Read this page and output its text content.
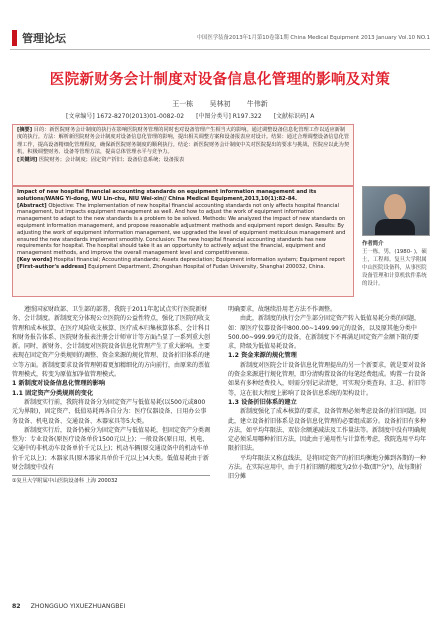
管理论坛	中国医学装备2013年1月第10卷第1期 China Medical Equipment 2013 January Vol.10 NO.1
医院新财务会计制度对设备信息化管理的影响及对策
王一栋 吴林初 牛伟新
[文章编号] 1672-8270(2013)01-0082-02 [中图分类号] R197.322 [文献标识码] A
[摘要] 目的：新医院财务会计制度的执行在影响医院财务管理的同时也对设备管理产生相当大的影响。通过调整设备信息化管理工作以适应新制度的执行。方法：解析新医院财务会计制度对设备信息化管理的影响，提出相关调整方案和设备报表应对设计。结果：通过合理调整设备信息化管理工作，提高设备精细化管理程度，确保新医院财务制度的顺利执行。结论：新医院财务会计制度中关对医院提出的要求与挑战，医院应以此为契机，积极调整财务、设备等管理方法，提高总体管理水平与竞争力。
[关键词] 医院财务；会计制度；固定资产折旧；设备信息系统；设备报表
Impact of new hospital financial accounting standards on equipment information management and its solutions/WANG Yi-dong, WU Lin-chu, NIU Wei-xin// China Medical Equipment,2013,10(1):82-84.
[Abstract] Objective: The implementation of new hospital financial accounting standards not only affects hospital financial management, but impacts equipment management as well. And how to adjust the work of equipment information management to adapt to the new standards is a problem to be solved. Methods: We analyzed the impact of new standards on equipment information management, and propose reasonable adjustment methods and equipment report design. Results: By adjusting the work of equipment information management, we upgraded the level of equipment meticulous management and ensured the new standards implement smoothly. Conclusion: The new hospital financial accounting standards has new requirements for hospital. The hospital should take it as an opportunity to actively adjust the financial, equipment and management methods, and improve the overall management level and competitiveness.
[Key words] Hospital financial; Accounting standards; Assets depreciation; Equipment information system; Equipment report
[First-author's address] Equipment Department, Zhongshan Hospital of Fudan University, Shanghai 200032, China.
作者简介
王一栋，男，(1980- )，硕士，工程师。复旦大学附属中山医院设备科，从事医院设备管理和计算机软件系统的设计。

遵照国家财政部、卫生部的部署，我院于2011年起试点实行医院新财务、会计制度。新制度充分体现公立医院的公益性特点，强化了医院的收支管理和成本核算，在医疗风险收支核算、医疗成本归集核算体系、会计科目和财务报告体系、医院财务报表注册会计师审计等方面凸显了一系列重大创新。同时，新财务、会计制度对医院设备信息化管理产生了重大影响。主要表现在固定资产分类规则的调整、资金来源的规化管理、设备折旧体系的建立等方面。新制度要求设备管理朝着更加精细化的方向前行，由原来的票值管理模式，转变为原值加净值管理模式。

1 新制度对设备信息化管理的影响
1.1 固定资产分类规则的变化

新制度实行前，我院将设备分为固定资产与低值易耗(以500元或800元为界限)，固定资产、低值易耗再各自分为：医疗仪器设备、日用办公事务设备、机电设备、交通设备、木器家具等5大类。

新制度实行后，设备仍被分为固定资产与低值易耗，但固定资产分类调整为：专业设备(原医疗设备单价1500元以上)；一般设备(原日用、机电、交通中的非机动车设备单价千元以上)；机动车辆(原交通设备中的机动车单价千元以上)；木器家具(原木器家具单价千元以上)4大类。低值易耗由于新财会制度中没有

①复旦大学附属中山医院设备科 上海 200032

明确要求，故继续沿用老方法不作调整。

由此，新制度的执行会产生部分固定资产转入低值易耗分类的问题，如：原医疗仪器设备中800.00~1499.99元的设备，以及原其他分类中500.00~999.99元的设备，在新制度下不再满足固定资产金额下限的要求，降级为低值易耗设备。

1.2 资金来源的规化管理

新制度对医院会计设备信息化管理提出的另一个新要求，就是要对设备的资金来源进行规化管理，即分清购置设备的每笔经费组成。购置一台设备如果有多种经费投入，则需分别记录清楚，可实现分类查询、汇总、折旧等等，这在很大程度上影响了设备信息系统的架构设计。

1.3 设备折旧体系的建立

新制度强化了成本核算的要求，设备管理必须考虑设备的折旧问题。因此，建立设备折旧体系是设备信息化管理的必要组成部分。设备折旧有多种方法，如平均年限法、双倍余额递减法及工作量法等。新制度中没有明确规定必须采用哪种折旧方法，因此由于通用性与计算性考虑，我院选用平均年限折旧法。

平均年限法又称直线法，是将固定资产的折旧均衡地分摊到各期的一种方法。在实际应用中，由于月折旧额的精度为2位小数(即"分")，故每期折旧分摊

82 ZHONGGUO YIXUEZHUANGBEI
